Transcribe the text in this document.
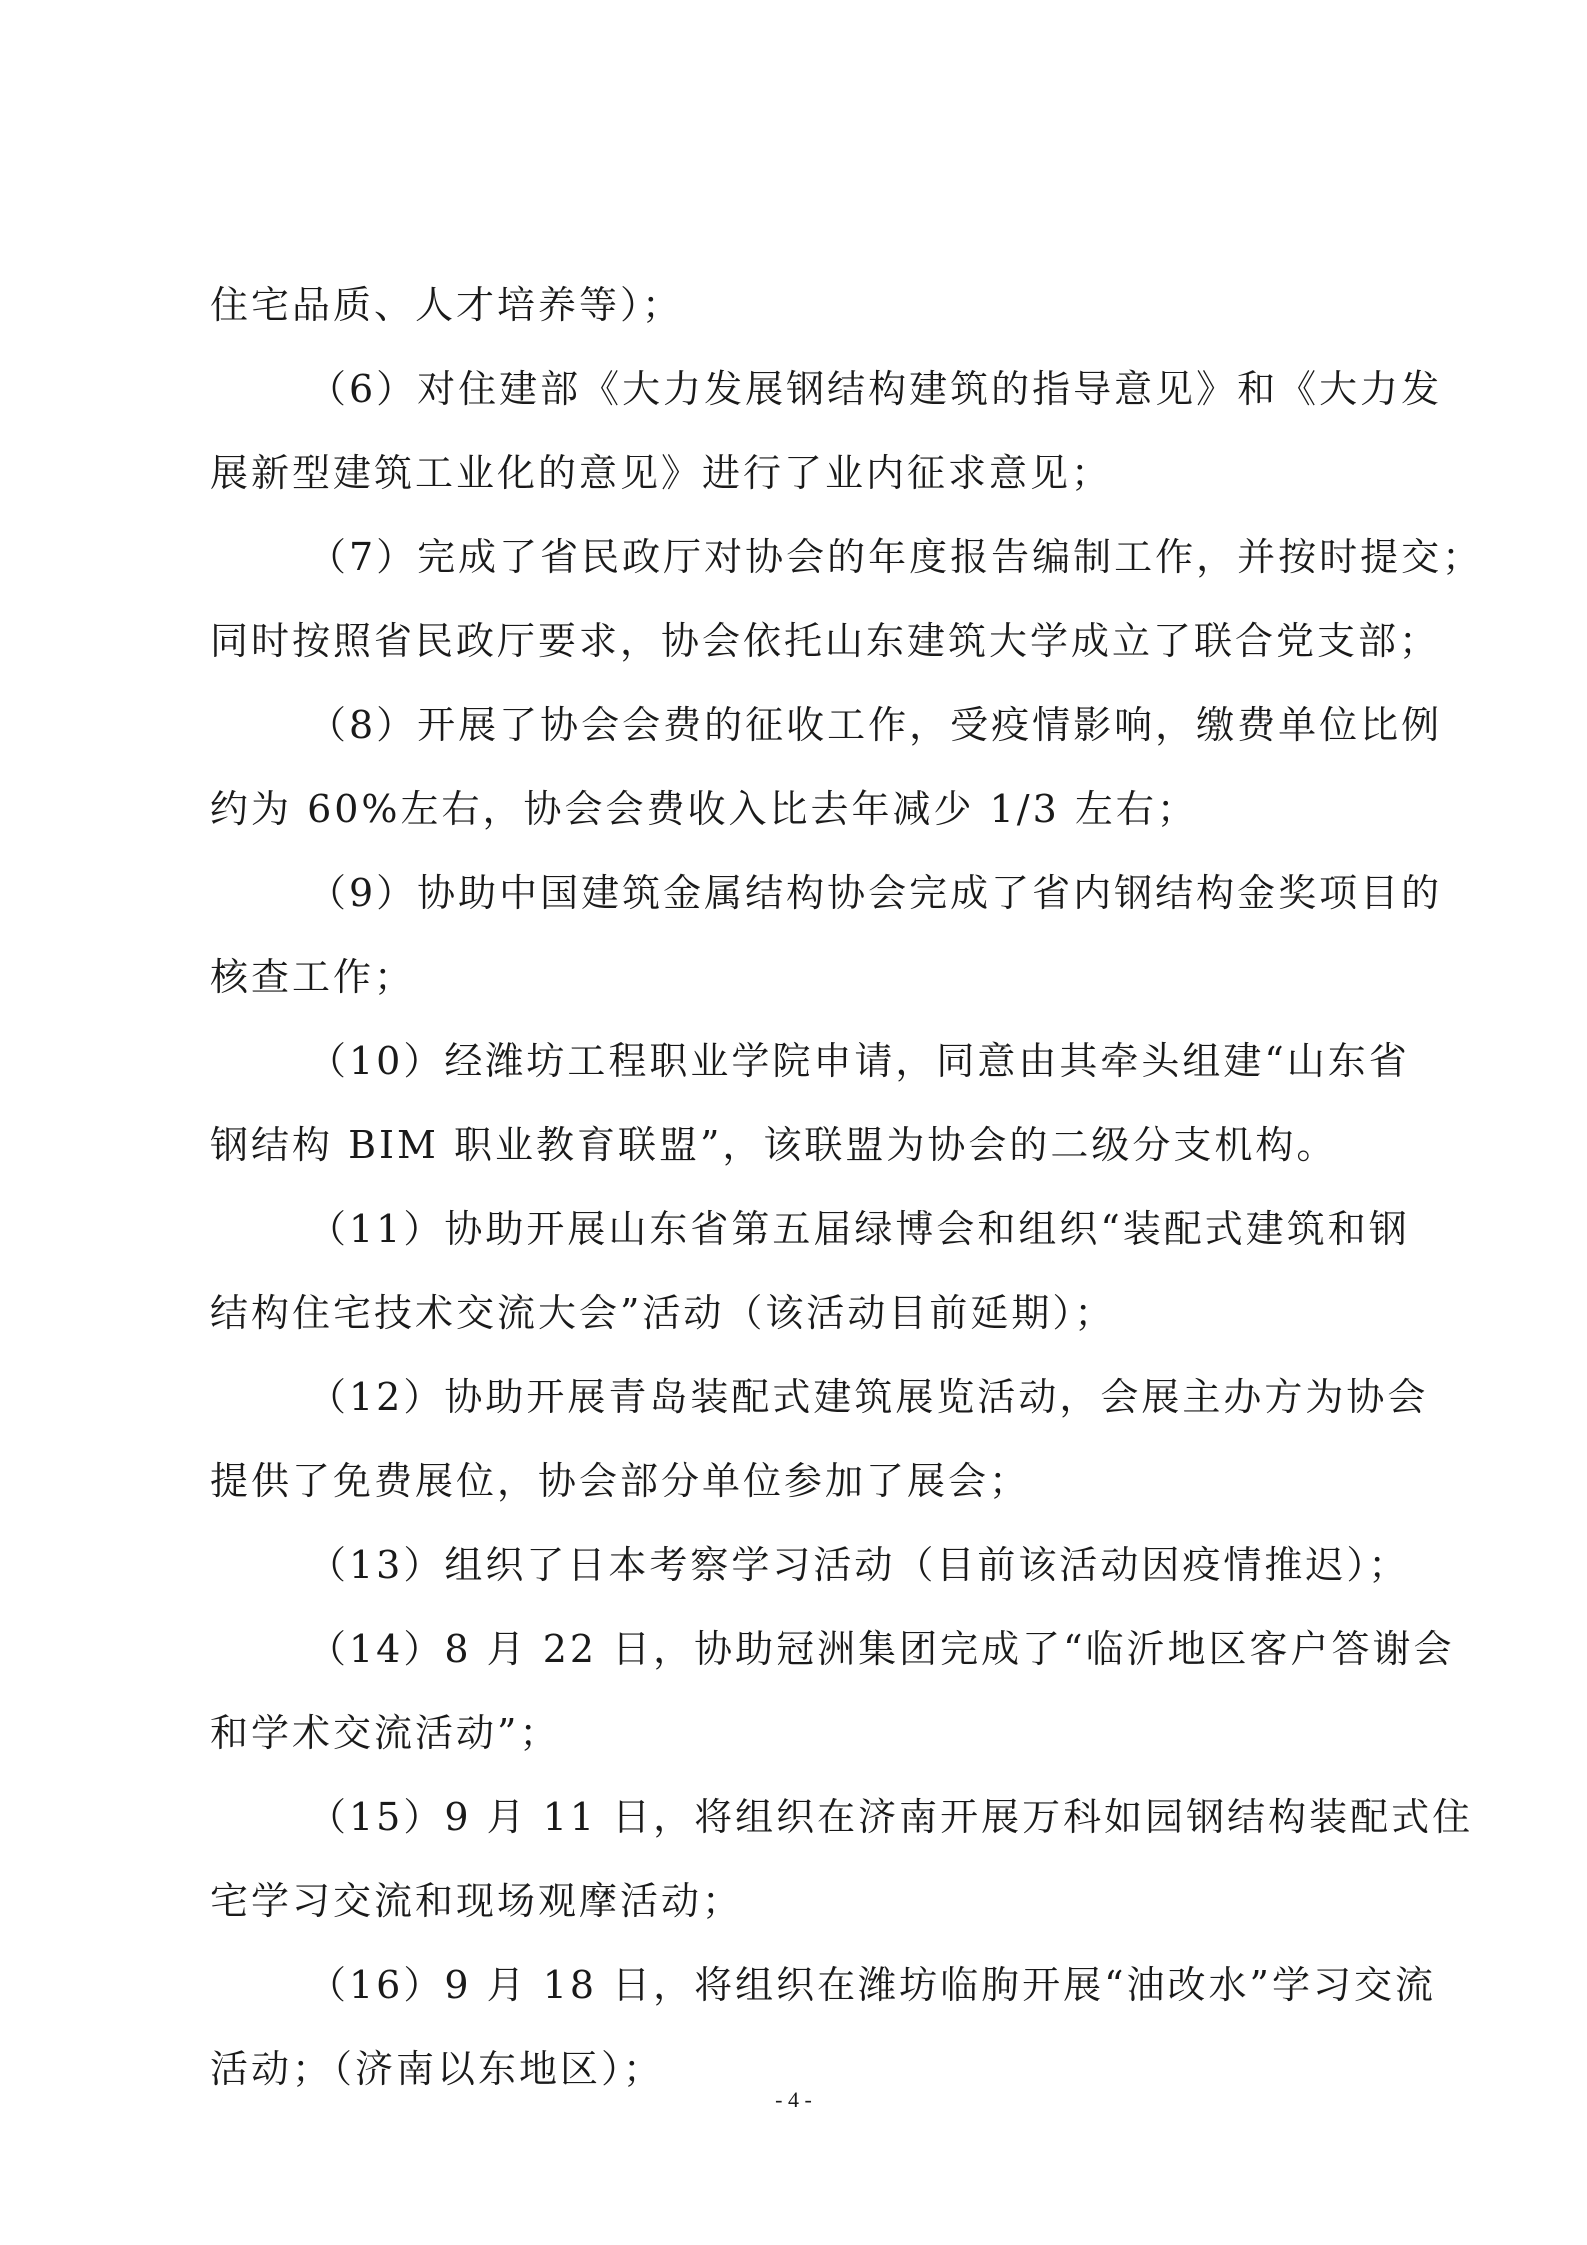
住宅品质、人才培养等）；
（6）对住建部《大力发展钢结构建筑的指导意见》和《大力发
展新型建筑工业化的意见》进行了业内征求意见；
（7）完成了省民政厅对协会的年度报告编制工作，并按时提交；
同时按照省民政厅要求，协会依托山东建筑大学成立了联合党支部；
（8）开展了协会会费的征收工作，受疫情影响，缴费单位比例
约为 60%左右，协会会费收入比去年减少 1/3 左右；
（9）协助中国建筑金属结构协会完成了省内钢结构金奖项目的
核查工作；
（10）经潍坊工程职业学院申请，同意由其牵头组建“山东省
钢结构 BIM 职业教育联盟”，该联盟为协会的二级分支机构。
（11）协助开展山东省第五届绿博会和组织“装配式建筑和钢
结构住宅技术交流大会”活动（该活动目前延期）；
（12）协助开展青岛装配式建筑展览活动，会展主办方为协会
提供了免费展位，协会部分单位参加了展会；
（13）组织了日本考察学习活动（目前该活动因疫情推迟）；
（14）8 月 22 日，协助冠洲集团完成了“临沂地区客户答谢会
和学术交流活动”；
（15）9 月 11 日，将组织在济南开展万科如园钢结构装配式住
宅学习交流和现场观摩活动；
（16）9 月 18 日，将组织在潍坊临朐开展“油改水”学习交流
活动；（济南以东地区）；
- 4 -
